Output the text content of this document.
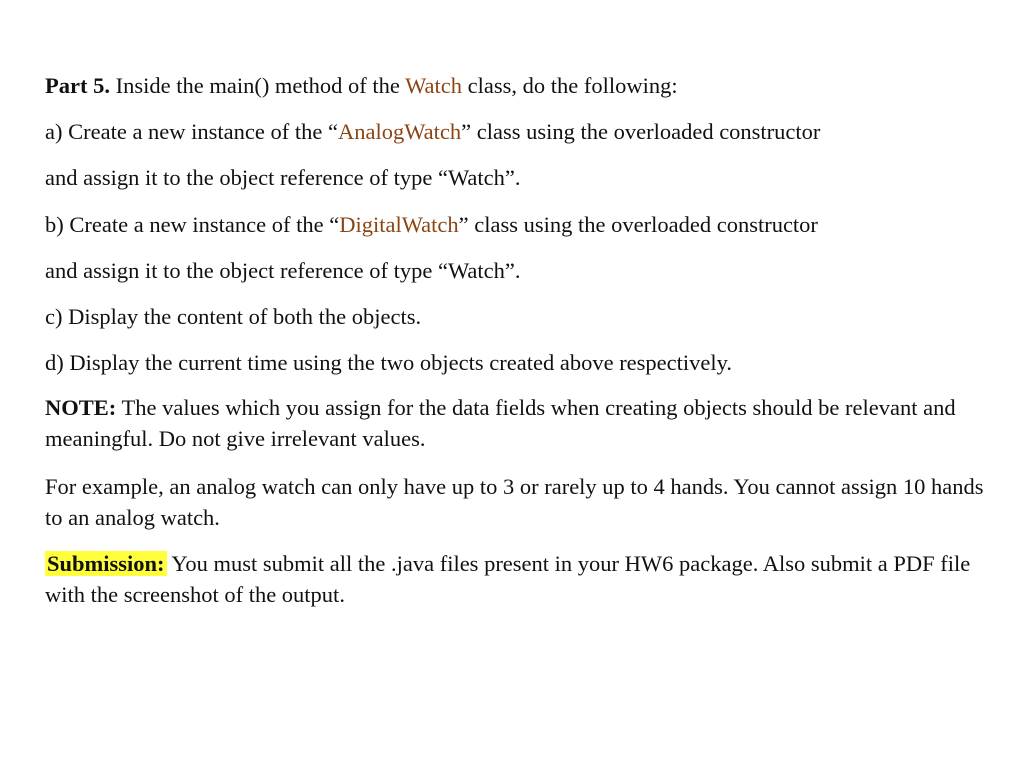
Part 5. Inside the main() method of the Watch class, do the following:
a) Create a new instance of the “AnalogWatch” class using the overloaded constructor
and assign it to the object reference of type “Watch”.
b) Create a new instance of the “DigitalWatch” class using the overloaded constructor
and assign it to the object reference of type “Watch”.
c) Display the content of both the objects.
d) Display the current time using the two objects created above respectively.
NOTE: The values which you assign for the data fields when creating objects should be relevant and meaningful. Do not give irrelevant values.
For example, an analog watch can only have up to 3 or rarely up to 4 hands. You cannot assign 10 hands to an analog watch.
Submission: You must submit all the .java files present in your HW6 package. Also submit a PDF file with the screenshot of the output.
